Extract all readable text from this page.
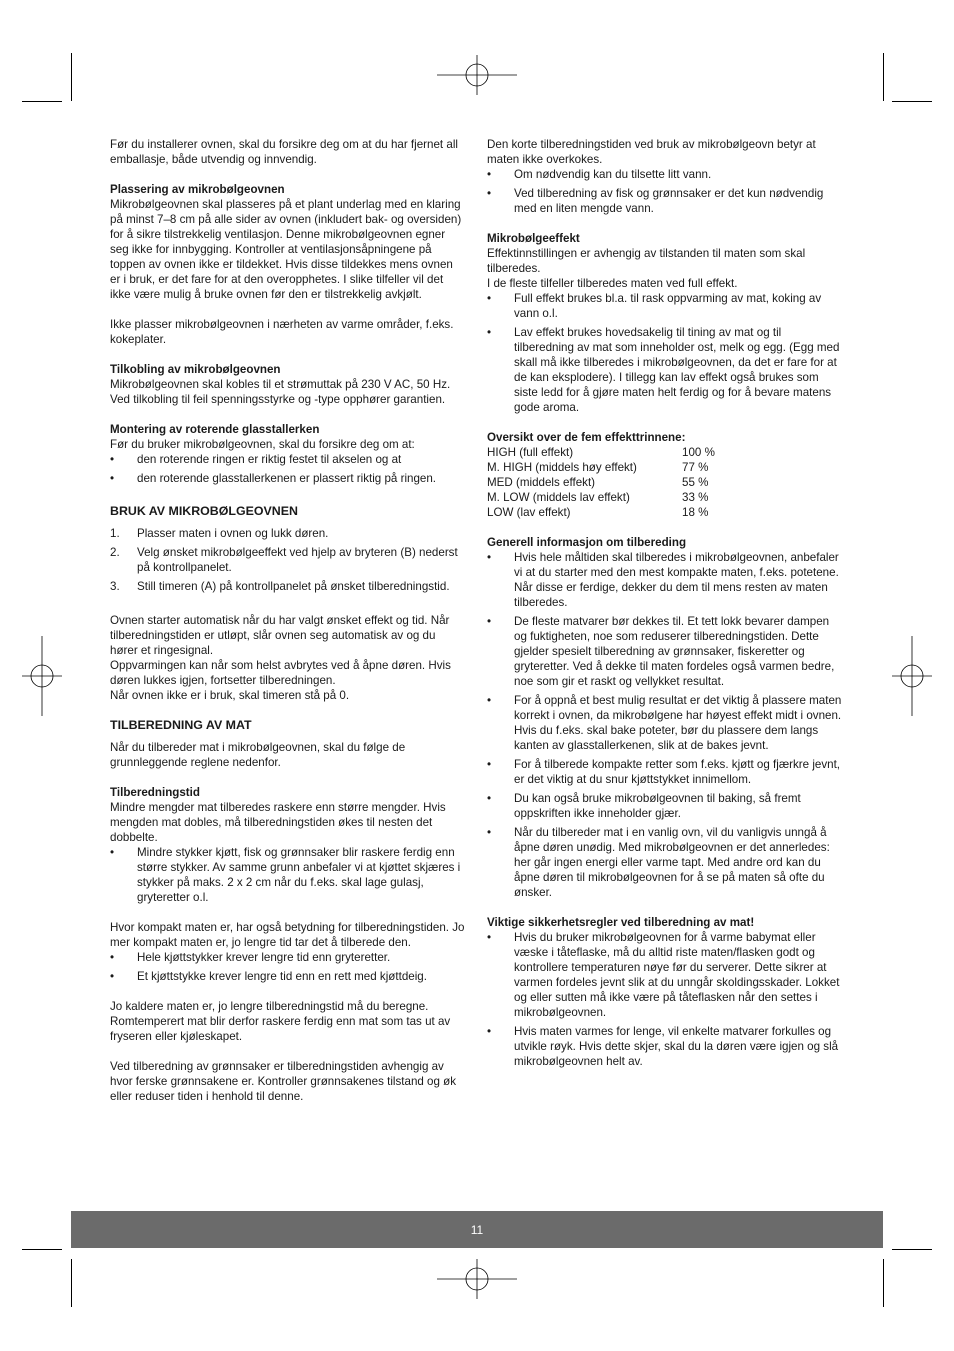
Før du installerer ovnen, skal du forsikre deg om at du har fjernet all emballasje, både utvendig og innvendig.

Plassering av mikrobølgeovnen

Mikrobølgeovnen skal plasseres på et plant underlag med en klaring på minst 7–8 cm på alle sider av ovnen (inkludert bak- og oversiden) for å sikre tilstrekkelig ventilasjon. Denne mikrobølgeovnen egner seg ikke for innbygging. Kontroller at ventilasjonsåpningene på toppen av ovnen ikke er tildekket. Hvis disse tildekkes mens ovnen er i bruk, er det fare for at den overopphetes. I slike tilfeller vil det ikke være mulig å bruke ovnen før den er tilstrekkelig avkjølt.

Ikke plasser mikrobølgeovnen i nærheten av varme områder, f.eks. kokeplater.

Tilkobling av mikrobølgeovnen

Mikrobølgeovnen skal kobles til et strømuttak på 230 V AC, 50 Hz. Ved tilkobling til feil spenningsstyrke og -type opphører garantien.

Montering av roterende glasstallerken

Før du bruker mikrobølgeovnen, skal du forsikre deg om at:

•	den roterende ringen er riktig festet til akselen og at
•	den roterende glasstallerkenen er plassert riktig på ringen.

BRUK AV MIKROBØLGEOVNEN

1.	Plasser maten i ovnen og lukk døren.
2.	Velg ønsket mikrobølgeeffekt ved hjelp av bryteren (B) nederst på kontrollpanelet.
3.	Still timeren (A) på kontrollpanelet på ønsket tilberedningstid.

Ovnen starter automatisk når du har valgt ønsket effekt og tid. Når tilberedningstiden er utløpt, slår ovnen seg automatisk av og du hører et ringesignal.

Oppvarmingen kan når som helst avbrytes ved å åpne døren. Hvis døren lukkes igjen, fortsetter tilberedningen.

Når ovnen ikke er i bruk, skal timeren stå på 0.

TILBEREDNING AV MAT

Når du tilbereder mat i mikrobølgeovnen, skal du følge de grunnleggende reglene nedenfor.

Tilberedningstid

Mindre mengder mat tilberedes raskere enn større mengder. Hvis mengden mat dobles, må tilberedningstiden økes til nesten det dobbelte.

•	Mindre stykker kjøtt, fisk og grønnsaker blir raskere ferdig enn større stykker. Av samme grunn anbefaler vi at kjøttet skjæres i stykker på maks. 2 x 2 cm når du f.eks. skal lage gulasj, gryteretter o.l.

Hvor kompakt maten er, har også betydning for tilberedningstiden. Jo mer kompakt maten er, jo lengre tid tar det å tilberede den.

•	Hele kjøttstykker krever lengre tid enn gryteretter.
•	Et kjøttstykke krever lengre tid enn en rett med kjøttdeig.

Jo kaldere maten er, jo lengre tilberedningstid må du beregne. Romtemperert mat blir derfor raskere ferdig enn mat som tas ut av fryseren eller kjøleskapet.

Ved tilberedning av grønnsaker er tilberedningstiden avhengig av hvor ferske grønnsakene er. Kontroller grønnsakenes tilstand og øk eller reduser tiden i henhold til denne.

Den korte tilberedningstiden ved bruk av mikrobølgeovn betyr at maten ikke overkokes.

•	Om nødvendig kan du tilsette litt vann.
•	Ved tilberedning av fisk og grønnsaker er det kun nødvendig med en liten mengde vann.

Mikrobølgeeffekt

Effektinnstillingen er avhengig av tilstanden til maten som skal tilberedes.

I de fleste tilfeller tilberedes maten ved full effekt.

•	Full effekt brukes bl.a. til rask oppvarming av mat, koking av vann o.l.
•	Lav effekt brukes hovedsakelig til tining av mat og til tilberedning av mat som inneholder ost, melk og egg. (Egg med skall må ikke tilberedes i mikrobølgeovnen, da det er fare for at de kan eksplodere). I tillegg kan lav effekt også brukes som siste ledd for å gjøre maten helt ferdig og for å bevare matens gode aroma.

Oversikt over de fem effekttrinnene:

HIGH (full effekt)	100 %
M. HIGH (middels høy effekt)	77 %
MED (middels effekt)	55 %
M. LOW (middels lav effekt)	33 %
LOW (lav effekt)	18 %

Generell informasjon om tilbereding

•	Hvis hele måltiden skal tilberedes i mikrobølgeovnen, anbefaler vi at du starter med den mest kompakte maten, f.eks. potetene. Når disse er ferdige, dekker du dem til mens resten av maten tilberedes.
•	De fleste matvarer bør dekkes til. Et tett lokk bevarer dampen og fuktigheten, noe som reduserer tilberedningstiden. Dette gjelder spesielt tilberedning av grønnsaker, fiskeretter og gryteretter. Ved å dekke til maten fordeles også varmen bedre, noe som gir et raskt og vellykket resultat.
•	For å oppnå et best mulig resultat er det viktig å plassere maten korrekt i ovnen, da mikrobølgene har høyest effekt midt i ovnen. Hvis du f.eks. skal bake poteter, bør du plassere dem langs kanten av glasstallerkenen, slik at de bakes jevnt.
•	For å tilberede kompakte retter som f.eks. kjøtt og fjærkre jevnt, er det viktig at du snur kjøttstykket innimellom.
•	Du kan også bruke mikrobølgeovnen til baking, så fremt oppskriften ikke inneholder gjær.
•	Når du tilbereder mat i en vanlig ovn, vil du vanligvis unngå å åpne døren unødig. Med mikrobølgeovnen er det annerledes: her går ingen energi eller varme tapt. Med andre ord kan du åpne døren til mikrobølgeovnen for å se på maten så ofte du ønsker.

Viktige sikkerhetsregler ved tilberedning av mat!

•	Hvis du bruker mikrobølgeovnen for å varme babymat eller væske i tåteflaske, må du alltid riste maten/flasken godt og kontrollere temperaturen nøye før du serverer. Dette sikrer at varmen fordeles jevnt slik at du unngår skoldingsskader. Lokket og eller sutten må ikke være på tåteflasken når den settes i mikrobølgeovnen.
•	Hvis maten varmes for lenge, vil enkelte matvarer forkulles og utvikle røyk. Hvis dette skjer, skal du la døren være igjen og slå mikrobølgeovnen helt av.
11
